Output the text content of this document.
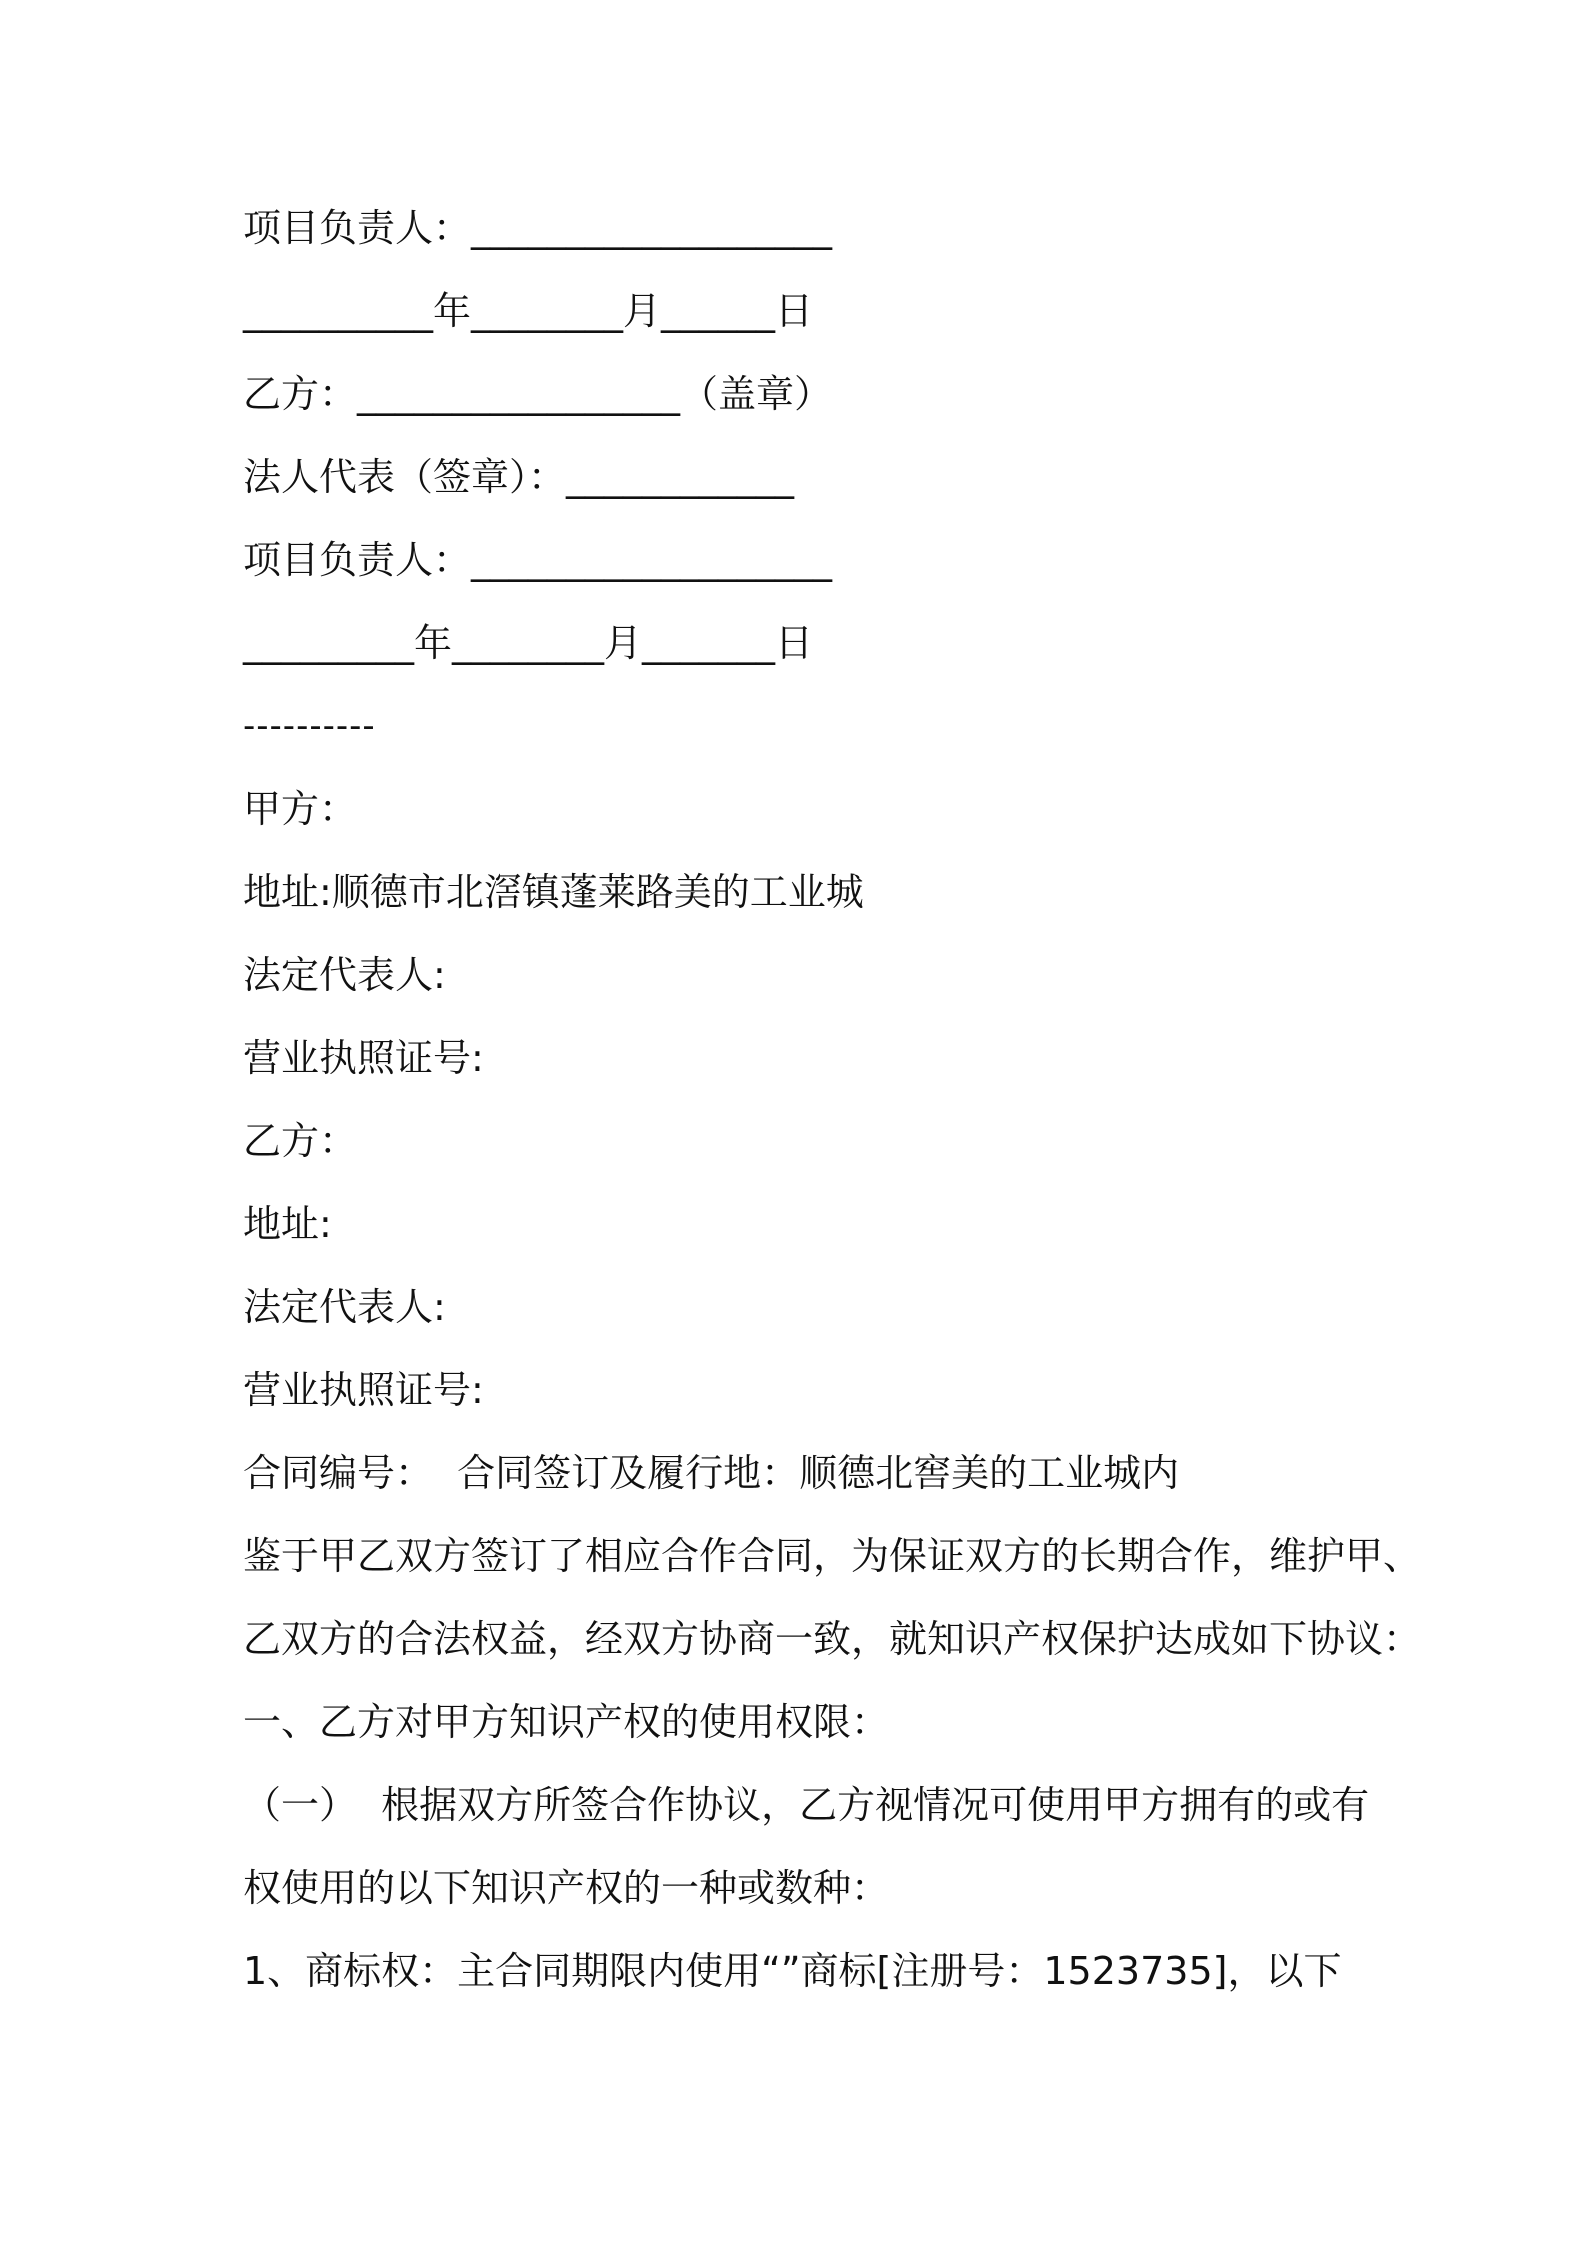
项目负责人：___________________
__________年________月______日
乙方：_________________（盖章）
法人代表（签章）：____________
项目负责人：___________________
_________年________月_______日
----------
甲方：
地址:顺德市北滘镇蓬莱路美的工业城
法定代表人:
营业执照证号:
乙方：
地址:
法定代表人:
营业执照证号:
合同编号：  合同签订及履行地：顺德北窖美的工业城内
鉴于甲乙双方签订了相应合作合同，为保证双方的长期合作，维护甲、
乙双方的合法权益，经双方协商一致，就知识产权保护达成如下协议：
一、乙方对甲方知识产权的使用权限：
（一）  根据双方所签合作协议，乙方视情况可使用甲方拥有的或有
权使用的以下知识产权的一种或数种：
1、商标权：主合同期限内使用“”商标[注册号：1523735]，以下
